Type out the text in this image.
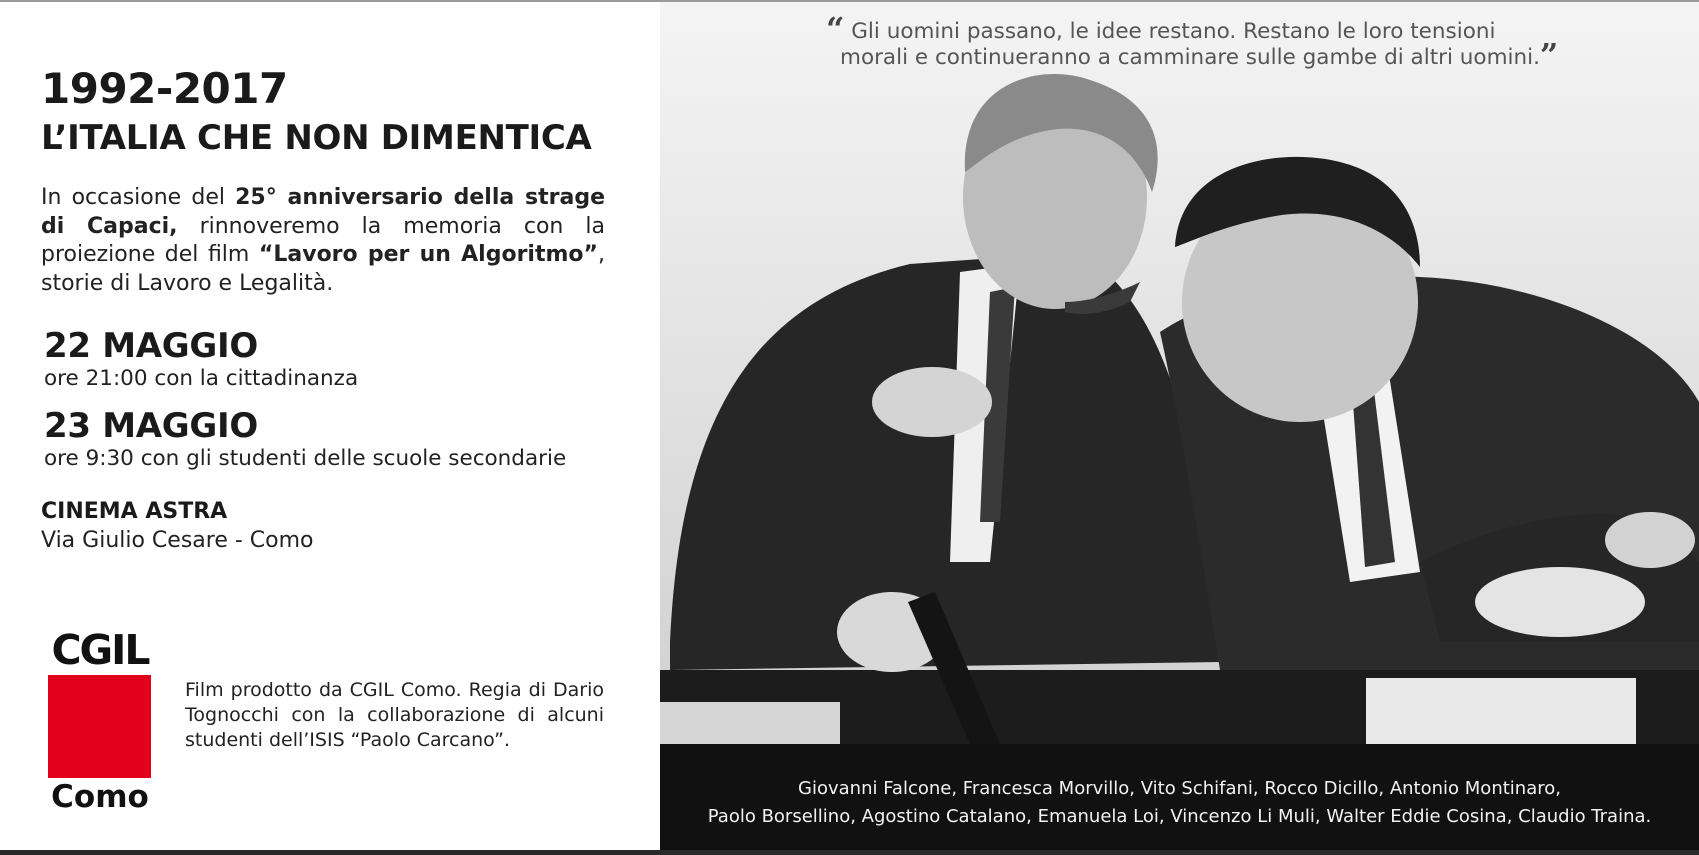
1992-2017
L’ITALIA CHE NON DIMENTICA
In occasione del 25° anniversario della strage di Capaci, rinnoveremo la memoria con la proiezione del film “Lavoro per un Algoritmo”, storie di Lavoro e Legalità.
22 MAGGIO
ore 21:00 con la cittadinanza
23 MAGGIO
ore 9:30 con gli studenti delle scuole secondarie
CINEMA ASTRA
Via Giulio Cesare - Como
CGIL
Como
Film prodotto da CGIL Como. Regia di Dario Tognocchi con la collaborazione di alcuni studenti dell’ISIS “Paolo Carcano”.
“ Gli uomini passano, le idee restano. Restano le loro tensioni
morali e continueranno a camminare sulle gambe di altri uomini.”
Giovanni Falcone, Francesca Morvillo, Vito Schifani, Rocco Dicillo, Antonio Montinaro,
Paolo Borsellino, Agostino Catalano, Emanuela Loi, Vincenzo Li Muli, Walter Eddie Cosina, Claudio Traina.
